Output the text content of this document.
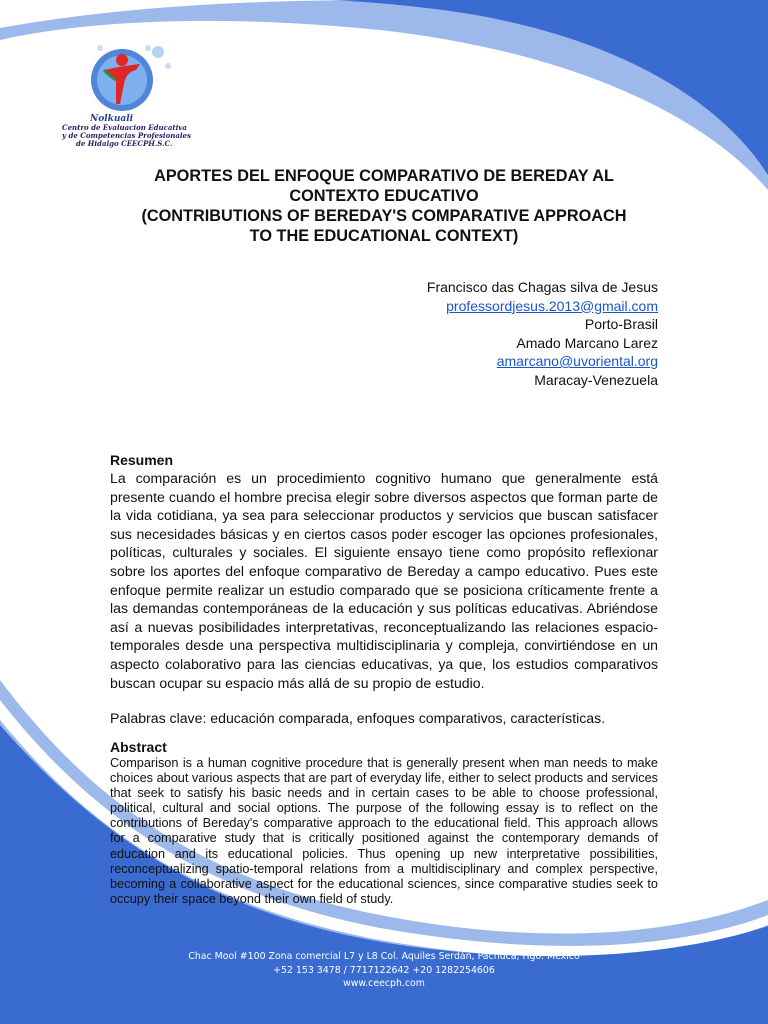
Nolkuali
Centro de Evaluacion Educativa
y de Competencias Profesionales
de Hidalgo CEECPH.S.C.
APORTES DEL ENFOQUE COMPARATIVO DE BEREDAY AL
CONTEXTO EDUCATIVO
(CONTRIBUTIONS OF BEREDAY'S COMPARATIVE APPROACH
TO THE EDUCATIONAL CONTEXT)
Francisco das Chagas silva de Jesus
professordjesus.2013@gmail.com
Porto-Brasil
Amado Marcano Larez
amarcano@uvoriental.org
Maracay-Venezuela
Resumen

La comparación es un procedimiento cognitivo humano que generalmente está presente cuando el hombre precisa elegir sobre diversos aspectos que forman parte de la vida cotidiana, ya sea para seleccionar productos y servicios que buscan satisfacer sus necesidades básicas y en ciertos casos poder escoger las opciones profesionales, políticas, culturales y sociales. El siguiente ensayo tiene como propósito reflexionar sobre los aportes del enfoque comparativo de Bereday a campo educativo. Pues este enfoque permite realizar un estudio comparado que se posiciona críticamente frente a las demandas contemporáneas de la educación y sus políticas educativas. Abriéndose así a nuevas posibilidades interpretativas, reconceptualizando las relaciones espacio-temporales desde una perspectiva multidisciplinaria y compleja, convirtiéndose en un aspecto colaborativo para las ciencias educativas, ya que, los estudios comparativos buscan ocupar su espacio más allá de su propio de estudio.

Palabras clave: educación comparada, enfoques comparativos, características.

Abstract

Comparison is a human cognitive procedure that is generally present when man needs to make choices about various aspects that are part of everyday life, either to select products and services that seek to satisfy his basic needs and in certain cases to be able to choose professional, political, cultural and social options. The purpose of the following essay is to reflect on the contributions of Bereday's comparative approach to the educational field. This approach allows for a comparative study that is critically positioned against the contemporary demands of education and its educational policies. Thus opening up new interpretative possibilities, reconceptualizing spatio-temporal relations from a multidisciplinary and complex perspective, becoming a collaborative aspect for the educational sciences, since comparative studies seek to occupy their space beyond their own field of study.

Chac Mool #100 Zona comercial L7 y L8 Col. Aquiles Serdán, Pachuca, Hgo. México
+52 153 3478 / 7717122642 +20 1282254606
www.ceecph.com
